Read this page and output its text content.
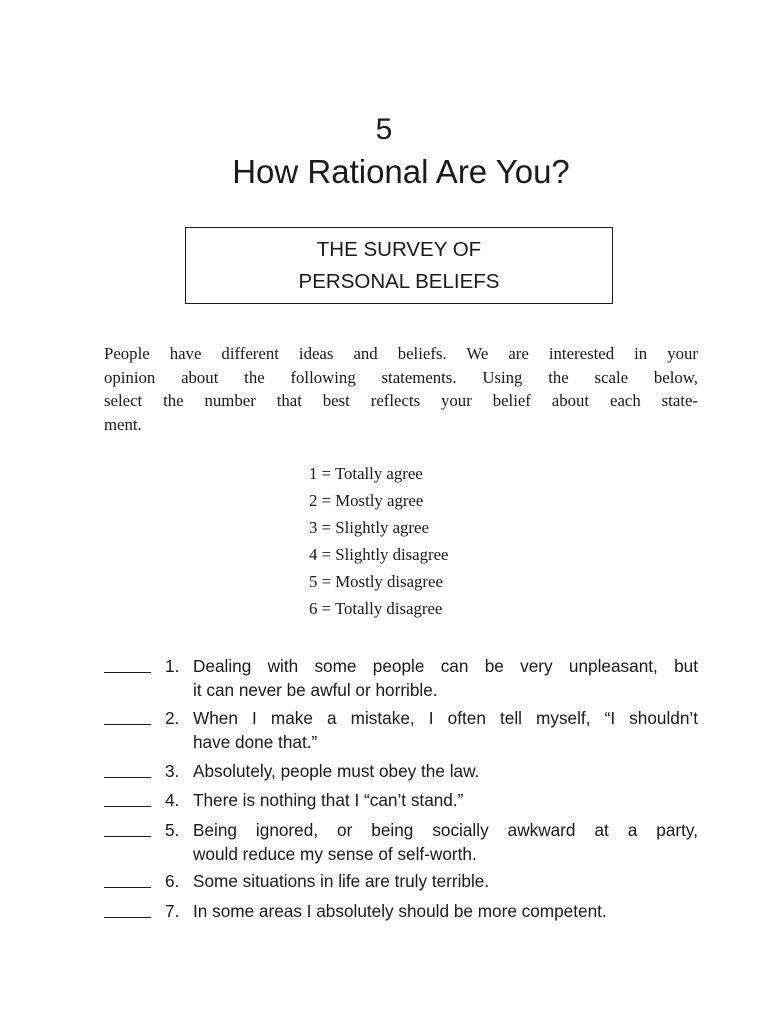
5
How Rational Are You?
THE SURVEY OF
PERSONAL BELIEFS
People have different ideas and beliefs. We are interested in your
opinion about the following statements. Using the scale below,
select the number that best reflects your belief about each state-
ment.
1 = Totally agree
2 = Mostly agree
3 = Slightly agree
4 = Slightly disagree
5 = Mostly disagree
6 = Totally disagree
1. Dealing with some people can be very unpleasant, but
it can never be awful or horrible.
2. When I make a mistake, I often tell myself, “I shouldn’t
have done that.”
3. Absolutely, people must obey the law.
4. There is nothing that I “can’t stand.”
5. Being ignored, or being socially awkward at a party,
would reduce my sense of self-worth.
6. Some situations in life are truly terrible.
7. In some areas I absolutely should be more competent.
